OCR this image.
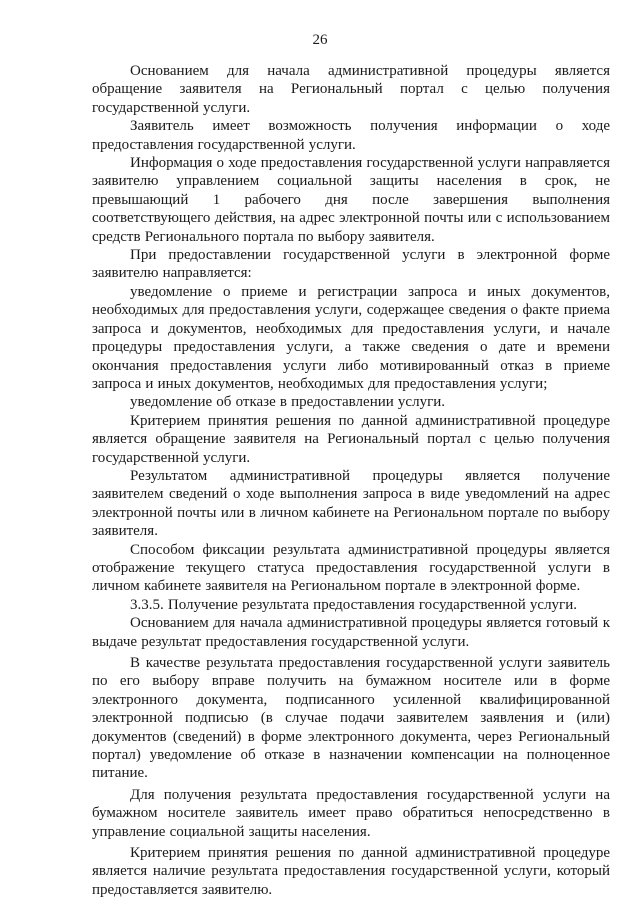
26

Основанием для начала административной процедуры является обращение заявителя на Региональный портал с целью получения государственной услуги.

Заявитель имеет возможность получения информации о ходе предоставления государственной услуги.

Информация о ходе предоставления государственной услуги направляется заявителю управлением социальной защиты населения в срок, не превышающий 1 рабочего дня после завершения выполнения соответствующего действия, на адрес электронной почты или с использованием средств Регионального портала по выбору заявителя.

При предоставлении государственной услуги в электронной форме заявителю направляется:

уведомление о приеме и регистрации запроса и иных документов, необходимых для предоставления услуги, содержащее сведения о факте приема запроса и документов, необходимых для предоставления услуги, и начале процедуры предоставления услуги, а также сведения о дате и времени окончания предоставления услуги либо мотивированный отказ в приеме запроса и иных документов, необходимых для предоставления услуги;

уведомление об отказе в предоставлении услуги.

Критерием принятия решения по данной административной процедуре является обращение заявителя на Региональный портал с целью получения государственной услуги.

Результатом административной процедуры является получение заявителем сведений о ходе выполнения запроса в виде уведомлений на адрес электронной почты или в личном кабинете на Региональном портале по выбору заявителя.

Способом фиксации результата административной процедуры является отображение текущего статуса предоставления государственной услуги в личном кабинете заявителя на Региональном портале в электронной форме.

3.3.5. Получение результата предоставления государственной услуги.

Основанием для начала административной процедуры является готовый к выдаче результат предоставления государственной услуги.

В качестве результата предоставления государственной услуги заявитель по его выбору вправе получить на бумажном носителе или в форме электронного документа, подписанного усиленной квалифицированной электронной подписью (в случае подачи заявителем заявления и (или) документов (сведений) в форме электронного документа, через Региональный портал) уведомление об отказе в назначении компенсации на полноценное питание.

Для получения результата предоставления государственной услуги на бумажном носителе заявитель имеет право обратиться непосредственно в управление социальной защиты населения.

Критерием принятия решения по данной административной процедуре является наличие результата предоставления государственной услуги, который предоставляется заявителю.
